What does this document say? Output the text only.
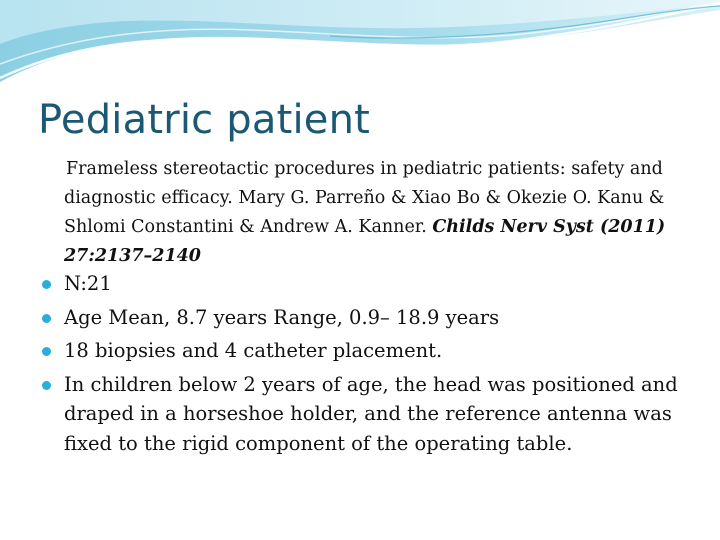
Pediatric patient
Frameless stereotactic procedures in pediatric patients: safety and diagnostic efficacy. Mary G. Parreño & Xiao Bo & Okezie O. Kanu & Shlomi Constantini & Andrew A. Kanner. Childs Nerv Syst (2011) 27:2137–2140
N:21
Age Mean, 8.7 years Range, 0.9– 18.9 years
18 biopsies and 4 catheter placement.
In children below 2 years of age, the head was positioned and draped in a horseshoe holder, and the reference antenna was fixed to the rigid component of the operating table.
